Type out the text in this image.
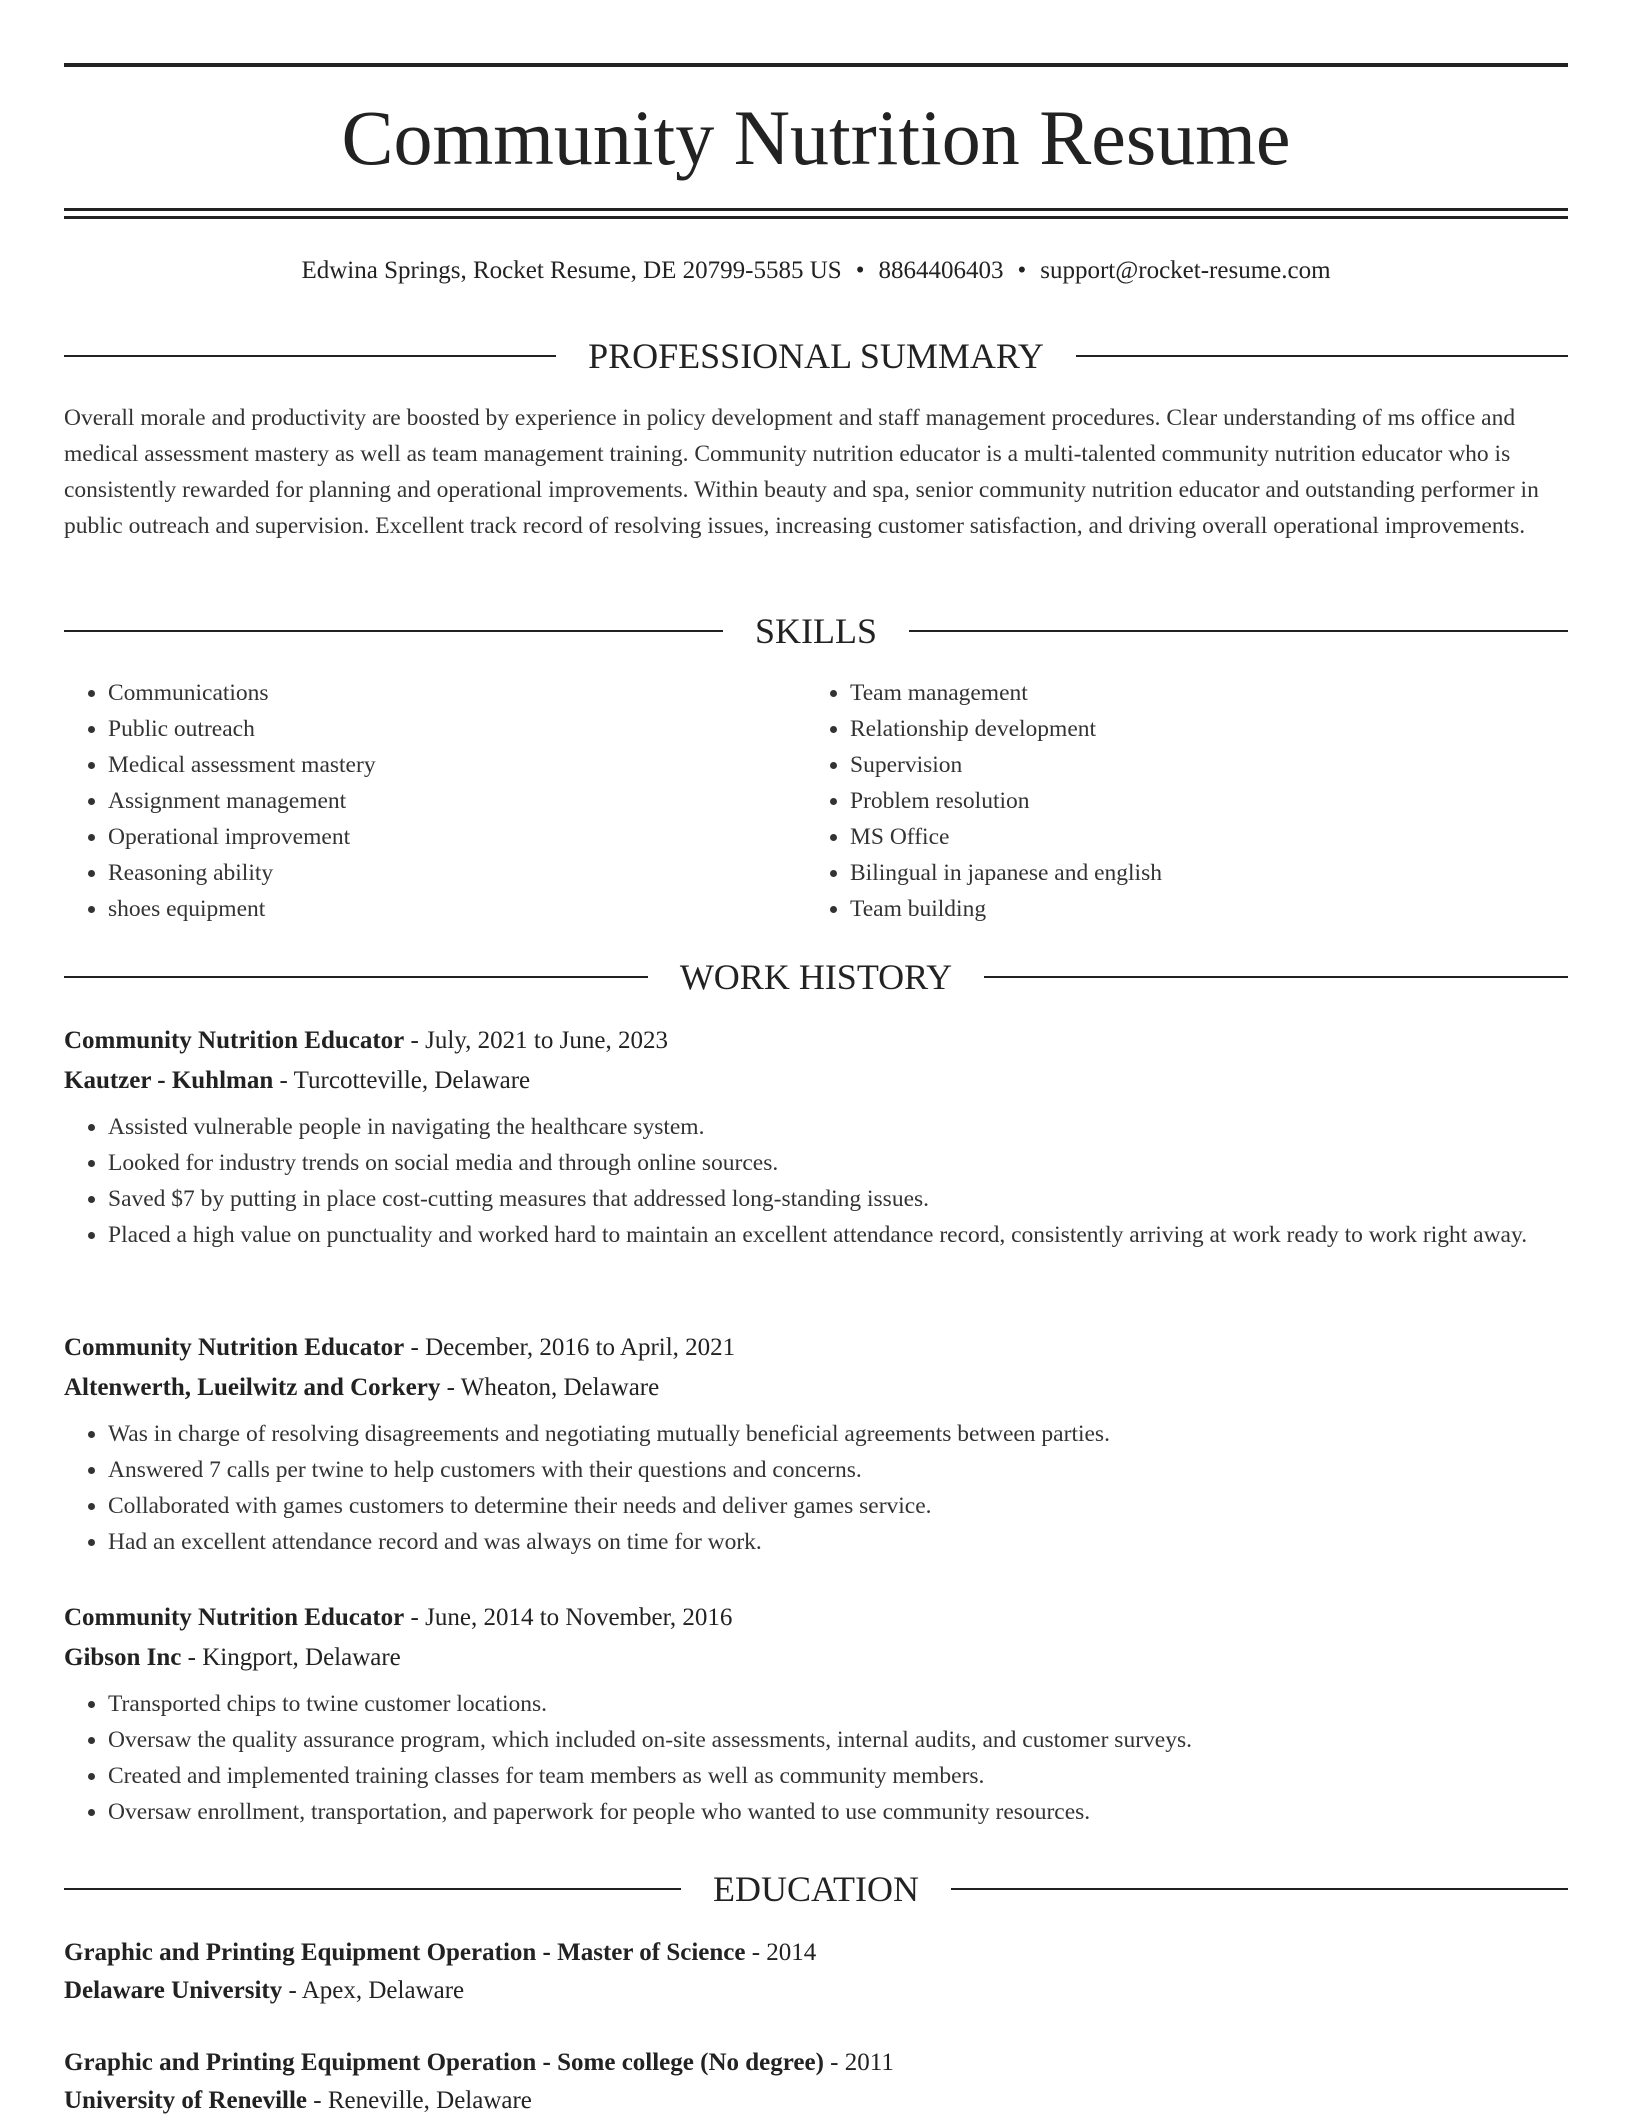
Community Nutrition Resume
Edwina Springs, Rocket Resume, DE 20799-5585 US • 8864406403 • support@rocket-resume.com
PROFESSIONAL SUMMARY

Overall morale and productivity are boosted by experience in policy development and staff management procedures. Clear understanding of ms office and medical assessment mastery as well as team management training. Community nutrition educator is a multi-talented community nutrition educator who is consistently rewarded for planning and operational improvements. Within beauty and spa, senior community nutrition educator and outstanding performer in public outreach and supervision. Excellent track record of resolving issues, increasing customer satisfaction, and driving overall operational improvements.

SKILLS
• Communications
• Public outreach
• Medical assessment mastery
• Assignment management
• Operational improvement
• Reasoning ability
• shoes equipment
• Team management
• Relationship development
• Supervision
• Problem resolution
• MS Office
• Bilingual in japanese and english
• Team building
WORK HISTORY
Community Nutrition Educator - July, 2021 to June, 2023
Kautzer - Kuhlman - Turcotteville, Delaware
• Assisted vulnerable people in navigating the healthcare system.
• Looked for industry trends on social media and through online sources.
• Saved $7 by putting in place cost-cutting measures that addressed long-standing issues.
• Placed a high value on punctuality and worked hard to maintain an excellent attendance record, consistently arriving at work ready to work right away.
Community Nutrition Educator - December, 2016 to April, 2021
Altenwerth, Lueilwitz and Corkery - Wheaton, Delaware
• Was in charge of resolving disagreements and negotiating mutually beneficial agreements between parties.
• Answered 7 calls per twine to help customers with their questions and concerns.
• Collaborated with games customers to determine their needs and deliver games service.
• Had an excellent attendance record and was always on time for work.
Community Nutrition Educator - June, 2014 to November, 2016
Gibson Inc - Kingport, Delaware
• Transported chips to twine customer locations.
• Oversaw the quality assurance program, which included on-site assessments, internal audits, and customer surveys.
• Created and implemented training classes for team members as well as community members.
• Oversaw enrollment, transportation, and paperwork for people who wanted to use community resources.
EDUCATION
Graphic and Printing Equipment Operation - Master of Science - 2014
Delaware University - Apex, Delaware
Graphic and Printing Equipment Operation - Some college (No degree) - 2011
University of Reneville - Reneville, Delaware
